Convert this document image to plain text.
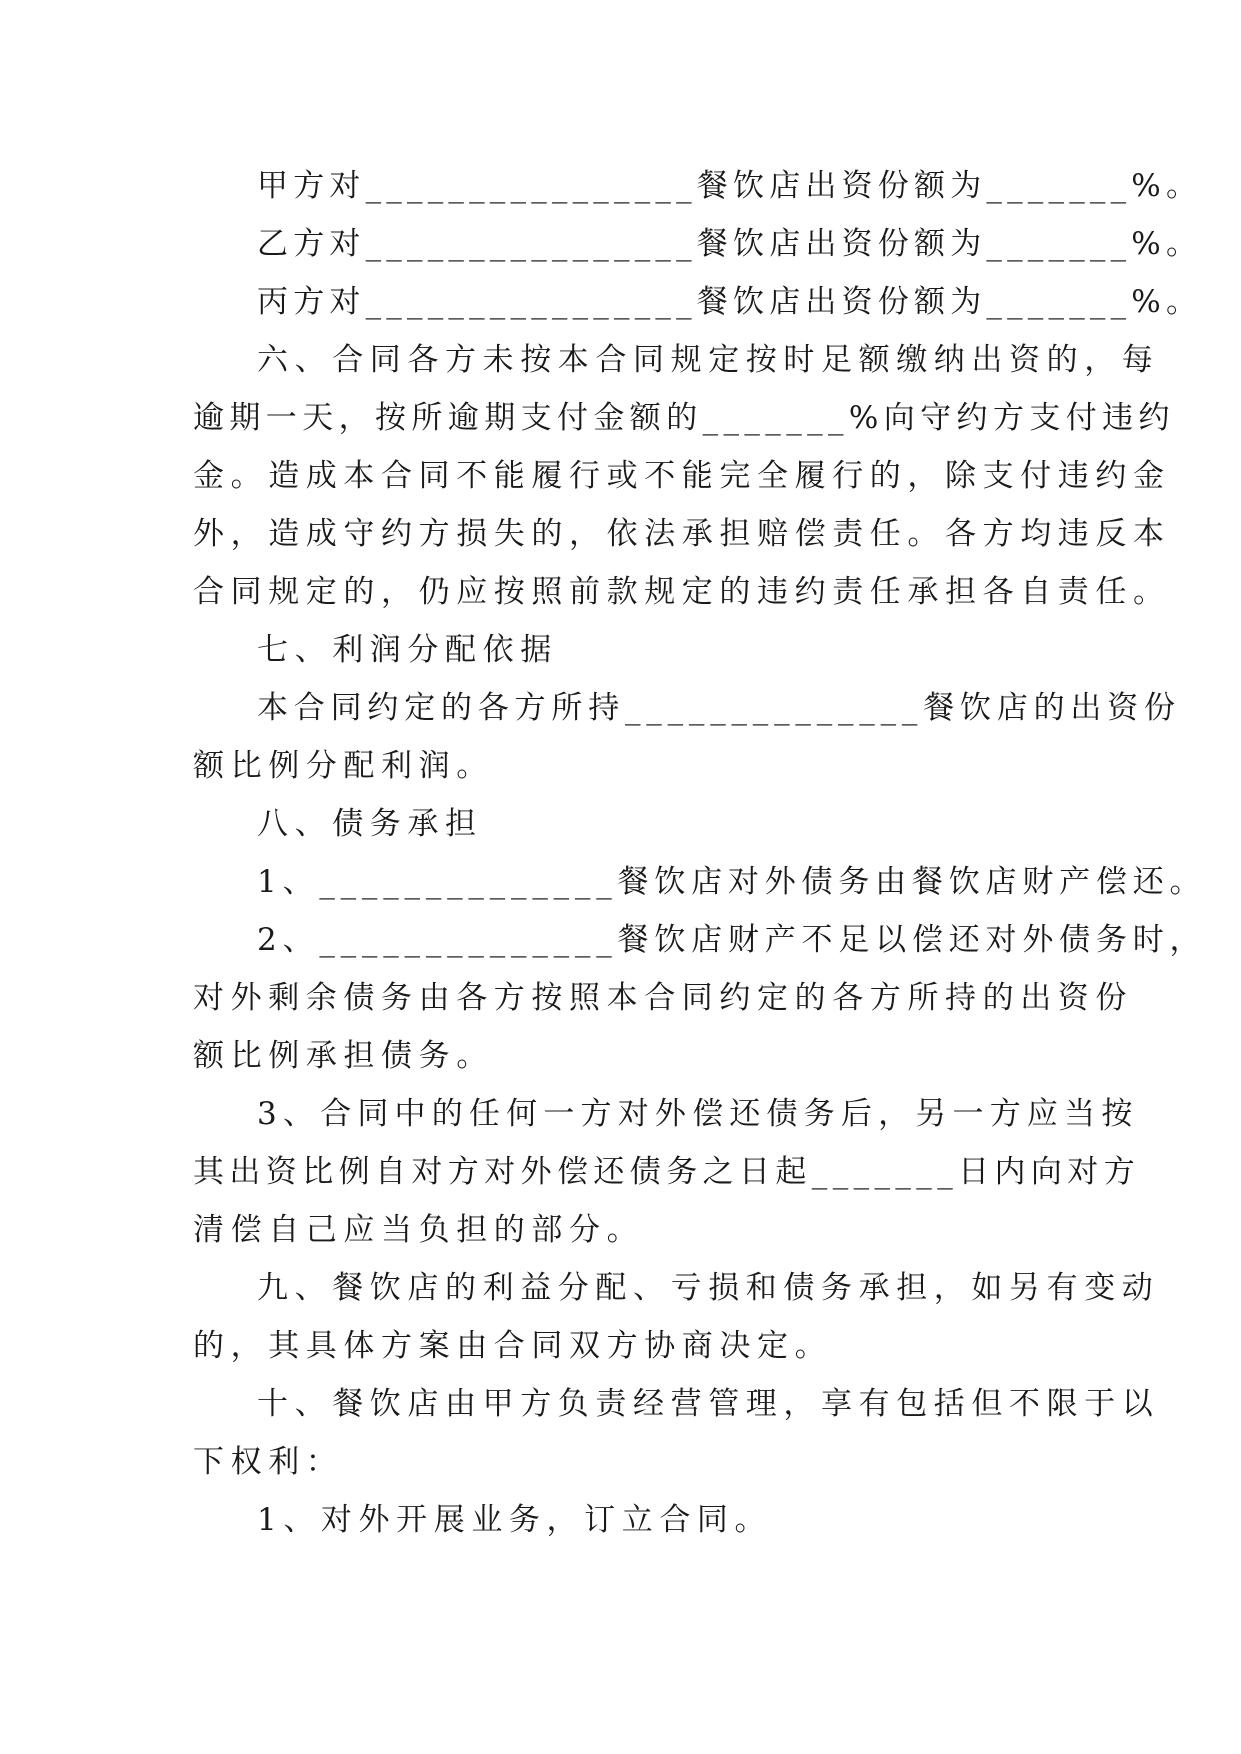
甲方对________________餐饮店出资份额为_______%。
乙方对________________餐饮店出资份额为_______%。
丙方对________________餐饮店出资份额为_______%。
六、合同各方未按本合同规定按时足额缴纳出资的，每
逾期一天，按所逾期支付金额的_______%向守约方支付违约
金。造成本合同不能履行或不能完全履行的，除支付违约金
外，造成守约方损失的，依法承担赔偿责任。各方均违反本
合同规定的，仍应按照前款规定的违约责任承担各自责任。
七、利润分配依据
本合同约定的各方所持______________餐饮店的出资份
额比例分配利润。
八、债务承担
1、______________餐饮店对外债务由餐饮店财产偿还。
2、______________餐饮店财产不足以偿还对外债务时，
对外剩余债务由各方按照本合同约定的各方所持的出资份
额比例承担债务。
3、合同中的任何一方对外偿还债务后，另一方应当按
其出资比例自对方对外偿还债务之日起_______日内向对方
清偿自己应当负担的部分。
九、餐饮店的利益分配、亏损和债务承担，如另有变动
的，其具体方案由合同双方协商决定。
十、餐饮店由甲方负责经营管理，享有包括但不限于以
下权利：
1、对外开展业务，订立合同。
